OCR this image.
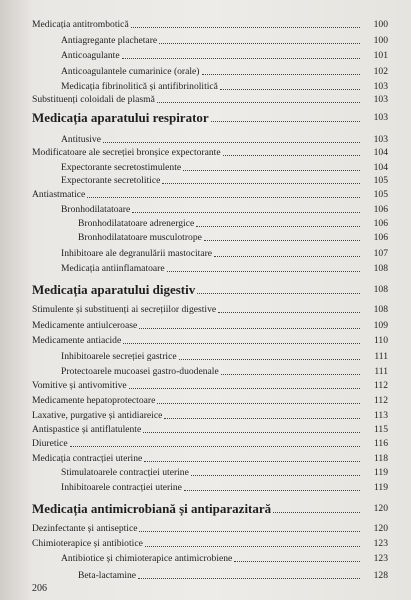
Medicația antitrombotică	100
Antiagregante plachetare	100
Anticoagulante	101
Anticoagulantele cumarinice (orale)	102
Medicația fibrinolitică și antifibrinolitică	103
Substituenți coloidali de plasmă	103
Medicația aparatului respirator	103
Antitusive	103
Modificatoare ale secreției bronșice expectorante	104
Expectorante secretostimulente	104
Expectorante secretolitice	105
Antiastmatice	105
Bronhodilatatoare	106
Bronhodilatatoare adrenergice	106
Bronhodilatatoare musculotrope	106
Inhibitoare ale degranulării mastocitare	107
Medicația antiinflamatoare	108
Medicația aparatului digestiv	108
Stimulente și substituenți ai secrețiilor digestive	108
Medicamente antiulceroase	109
Medicamente antiacide	110
Inhibitoarele secreției gastrice	111
Protectoarele mucoasei gastro-duodenale	111
Vomitive și antivomitive	112
Medicamente hepatoprotectoare	112
Laxative, purgative și antidiareice	113
Antispastice și antiflatulente	115
Diuretice	116
Medicația contracției uterine	118
Stimulatoarele contracției uterine	119
Inhibitoarele contracției uterine	119
Medicația antimicrobiană și antiparazitară	120
Dezinfectante și antiseptice	120
Chimioterapice și antibiotice	123
Antibiotice și chimioterapice antimicrobiene	123
Beta-lactamine	128
206
